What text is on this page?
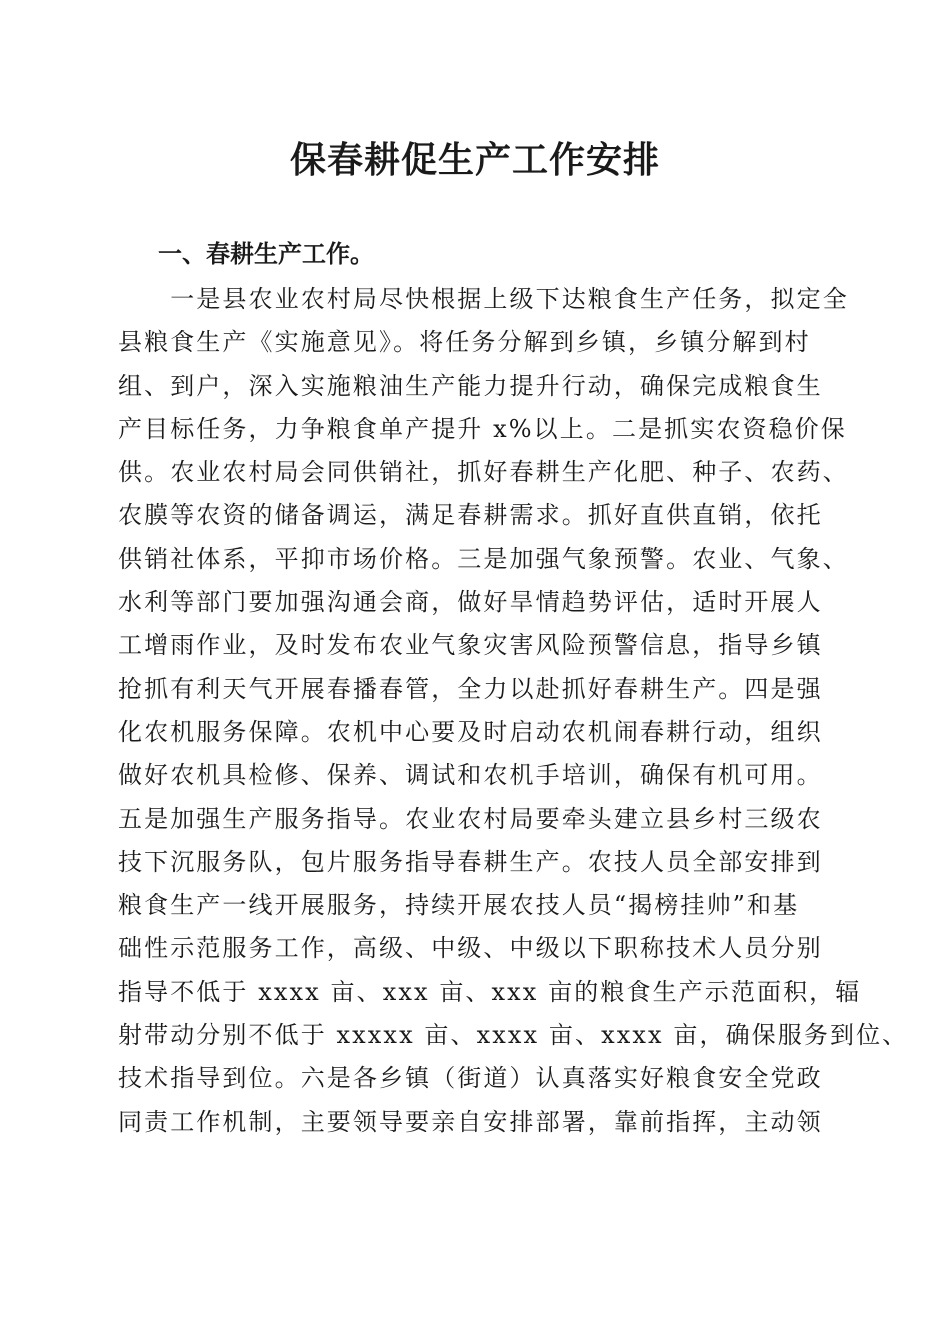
保春耕促生产工作安排
一、春耕生产工作。
　　一是县农业农村局尽快根据上级下达粮食生产任务，拟定全
县粮食生产《实施意见》。将任务分解到乡镇，乡镇分解到村
组、到户，深入实施粮油生产能力提升行动，确保完成粮食生
产目标任务，力争粮食单产提升 x%以上。二是抓实农资稳价保
供。农业农村局会同供销社，抓好春耕生产化肥、种子、农药、
农膜等农资的储备调运，满足春耕需求。抓好直供直销，依托
供销社体系，平抑市场价格。三是加强气象预警。农业、气象、
水利等部门要加强沟通会商，做好旱情趋势评估，适时开展人
工增雨作业，及时发布农业气象灾害风险预警信息，指导乡镇
抢抓有利天气开展春播春管，全力以赴抓好春耕生产。四是强
化农机服务保障。农机中心要及时启动农机闹春耕行动，组织
做好农机具检修、保养、调试和农机手培训，确保有机可用。
五是加强生产服务指导。农业农村局要牵头建立县乡村三级农
技下沉服务队，包片服务指导春耕生产。农技人员全部安排到
粮食生产一线开展服务，持续开展农技人员“揭榜挂帅”和基
础性示范服务工作，高级、中级、中级以下职称技术人员分别
指导不低于 xxxx 亩、xxx 亩、xxx 亩的粮食生产示范面积，辐
射带动分别不低于 xxxxx 亩、xxxx 亩、xxxx 亩，确保服务到位、
技术指导到位。六是各乡镇（街道）认真落实好粮食安全党政
同责工作机制，主要领导要亲自安排部署，靠前指挥，主动领
